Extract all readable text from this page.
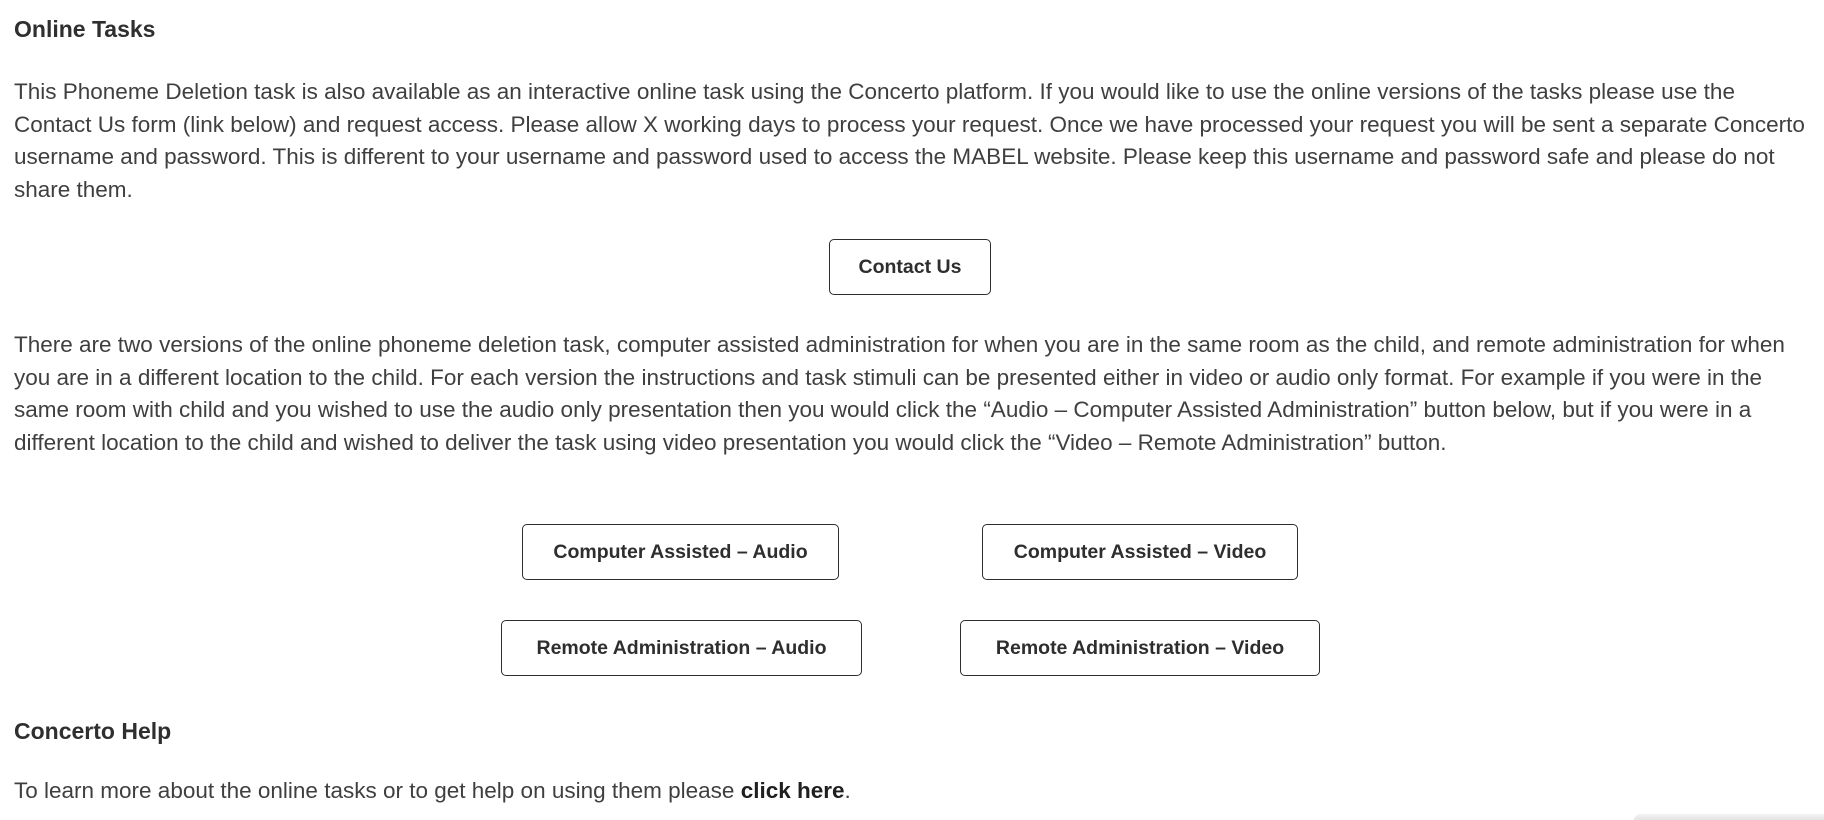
Online Tasks

This Phoneme Deletion task is also available as an interactive online task using the Concerto platform. If you would like to use the online versions of the tasks please use the Contact Us form (link below) and request access. Please allow X working days to process your request. Once we have processed your request you will be sent a separate Concerto username and password. This is different to your username and password used to access the MABEL website. Please keep this username and password safe and please do not share them.

There are two versions of the online phoneme deletion task, computer assisted administration for when you are in the same room as the child, and remote administration for when you are in a different location to the child. For each version the instructions and task stimuli can be presented either in video or audio only format. For example if you were in the same room with child and you wished to use the audio only presentation then you would click the “Audio – Computer Assisted Administration” button below, but if you were in a different location to the child and wished to deliver the task using video presentation you would click the “Video – Remote Administration” button.

Concerto Help

To learn more about the online tasks or to get help on using them please click here.

Contact Us
Computer Assisted – Audio	Computer Assisted – Video
Remote Administration – Audio	Remote Administration – Video
